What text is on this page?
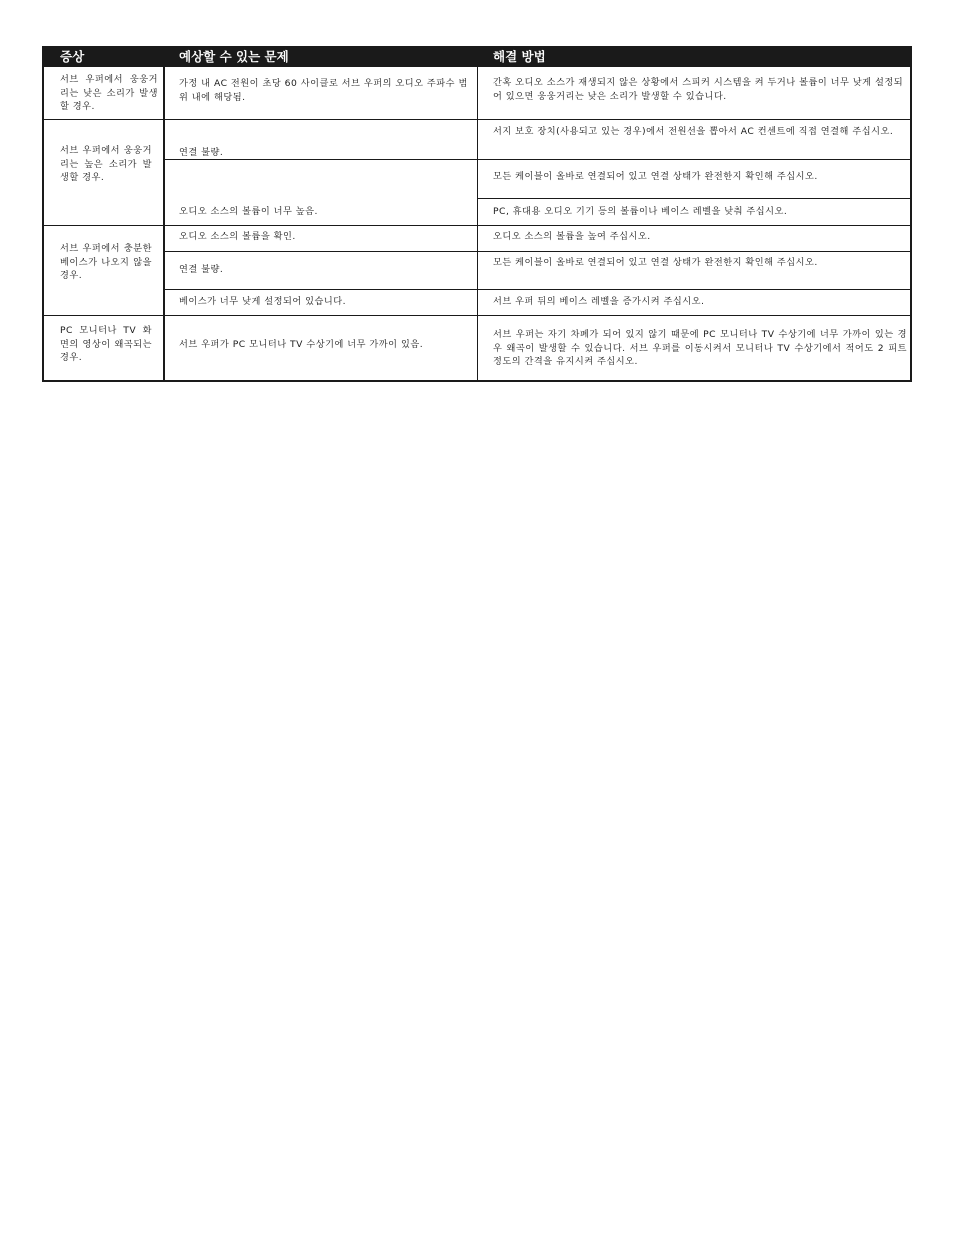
증상	예상할 수 있는 문제	해결 방법
서브 우퍼에서 웅웅거리는 낮은 소리가 발생할 경우.
가정 내 AC 전원이 초당 60 사이클로 서브 우퍼의 오디오 주파수 범위 내에 해당됨.
간혹 오디오 소스가 재생되지 않은 상황에서 스피커 시스템을 켜 두거나 볼륨이 너무 낮게 설정되어 있으면 웅웅거리는 낮은 소리가 발생할 수 있습니다.
서브 우퍼에서 웅웅거리는 높은 소리가 발생할 경우.
연결 불량.
오디오 소스의 볼륨이 너무 높음.
서지 보호 장치(사용되고 있는 경우)에서 전원선을 뽑아서 AC 컨센트에 직접 연결해 주십시오.
모든 케이블이 올바로 연결되어 있고 연결 상태가 완전한지 확인해 주십시오.
PC, 휴대용 오디오 기기 등의 볼륨이나 베이스 레벨을 낮춰 주십시오.
서브 우퍼에서 충분한 베이스가 나오지 않을 경우.
오디오 소스의 볼륨을 확인.
연결 불량.
베이스가 너무 낮게 설정되어 있습니다.
오디오 소스의 볼륨을 높여 주십시오.
모든 케이블이 올바로 연결되어 있고 연결 상태가 완전한지 확인해 주십시오.
서브 우퍼 뒤의 베이스 레벨을 증가시켜 주십시오.
PC 모니터나 TV 화면의 영상이 왜곡되는 경우.
서브 우퍼가 PC 모니터나 TV 수상기에 너무 가까이 있음.
서브 우퍼는 자기 차폐가 되어 있지 않기 때문에 PC 모니터나 TV 수상기에 너무 가까이 있는 경우 왜곡이 발생할 수 있습니다. 서브 우퍼를 이동시켜서 모니터나 TV 수상기에서 적어도 2 피트 정도의 간격을 유지시켜 주십시오.
